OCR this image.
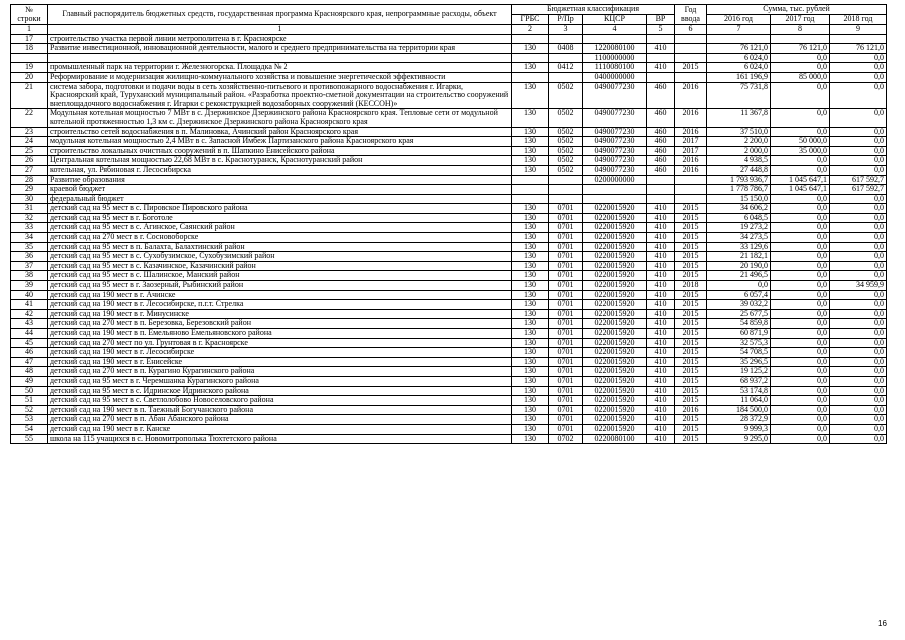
№ строки	Главный распорядитель бюджетных средств, государственная программа Красноярского края, непрограммные расходы, объект	Бюджетная классификация				Год ввода	Сумма, тыс. рублей		
		ГРБС	Р/Пр	КЦСР	ВР		2016 год	2017 год	2018 год
1	1	2	3	4	5	6	7	8	9
17	строительство участка первой линии метрополитена в г. Красноярске								
18	Развитие инвестиционной, инновационной деятельности, малого и среднего предпринимательства на территории края	130	0408	1220080100	410		76 121,0	76 121,0	76 121,0
				1100000000			6 024,0	0,0	0,0
19	промышленный парк на территории г. Железногорска. Площадка № 2	130	0412	1110080100	410	2015	6 024,0	0,0	0,0
20	Реформирование и модернизация жилищно-коммунального хозяйства и повышение энергетической эффективности			0400000000			161 196,9	85 000,0	0,0
21	система забора, подготовки и подачи воды в сеть хозяйственно-питьевого и противопожарного водоснабжения г. Игарки, Красноярский край, Туруханский муниципальный район. «Разработка проектно-сметной документации на строительство сооружений внеплощадочного водоснабжения г. Игарки с реконструкцией водозаборных сооружений (КЕССОН)»	130	0502	0490077230	460	2016	75 731,8	0,0	0,0
22	Модульная котельная мощностью 7 МВт в с. Дзержинское Дзержинского района Красноярского края. Тепловые сети от модульной котельной протяженностью 1,3 км с. Дзержинское Дзержинского района Красноярского края	130	0502	0490077230	460	2016	11 367,8	0,0	0,0
23	строительство сетей водоснабжения в п. Малиновка, Ачинский район Красноярского края	130	0502	0490077230	460	2016	37 510,0	0,0	0,0
24	модульная котельная мощностью 2,4 МВт в с. Запасной Имбеж Партизанского района Красноярского края	130	0502	0490077230	460	2017	2 200,0	50 000,0	0,0
25	строительство локальных очистных сооружений в п. Шапкино Енисейского района	130	0502	0490077230	460	2017	2 000,0	35 000,0	0,0
26	Центральная котельная мощностью 22,68 МВт в с. Краснотуранск, Краснотуранский район	130	0502	0490077230	460	2016	4 938,5	0,0	0,0
27	котельная, ул. Рябиновая г. Лесосибирска	130	0502	0490077230	460	2016	27 448,8	0,0	0,0
28	Развитие образования			0200000000			1 793 936,7	1 045 647,1	617 592,7
29	краевой бюджет						1 778 786,7	1 045 647,1	617 592,7
30	федеральный бюджет						15 150,0	0,0	0,0
31	детский сад на 95 мест в с. Пировское Пировского района	130	0701	0220015920	410	2015	34 606,2	0,0	0,0
32	детский сад на 95 мест в г. Боготоле	130	0701	0220015920	410	2015	6 048,5	0,0	0,0
33	детский сад на 95 мест в с. Агинское, Саянский район	130	0701	0220015920	410	2015	19 273,2	0,0	0,0
34	детский сад на 270 мест в г. Сосновоборске	130	0701	0220015920	410	2015	34 273,5	0,0	0,0
35	детский сад на 95 мест в п. Балахта, Балахтинский район	130	0701	0220015920	410	2015	33 129,6	0,0	0,0
36	детский сад на 95 мест в с. Сухобузимское, Сухобузимский район	130	0701	0220015920	410	2015	21 182,1	0,0	0,0
37	детский сад на 95 мест в с. Казачинское, Казачинский район	130	0701	0220015920	410	2015	20 190,0	0,0	0,0
38	детский сад на 95 мест в с. Шалинское, Манский район	130	0701	0220015920	410	2015	21 496,5	0,0	0,0
39	детский сад на 95 мест в г. Заозерный, Рыбинский район	130	0701	0220015920	410	2018	0,0	0,0	34 959,9
40	детский сад на 190 мест в г. Ачинске	130	0701	0220015920	410	2015	6 057,4	0,0	0,0
41	детский сад на 190 мест в г. Лесосибирске, п.г.т. Стрелка	130	0701	0220015920	410	2015	39 032,2	0,0	0,0
42	детский сад на 190 мест в г. Минусинске	130	0701	0220015920	410	2015	25 677,5	0,0	0,0
43	детский сад на 270 мест в п. Березовка, Березовский район	130	0701	0220015920	410	2015	54 859,8	0,0	0,0
44	детский сад на 190 мест в п. Емельяново Емельяновского района	130	0701	0220015920	410	2015	60 871,9	0,0	0,0
45	детский сад на 270 мест по ул. Грунтовая в г. Красноярске	130	0701	0220015920	410	2015	32 575,3	0,0	0,0
46	детский сад на 190 мест в г. Лесосибирске	130	0701	0220015920	410	2015	54 708,5	0,0	0,0
47	детский сад на 190 мест в г. Енисейске	130	0701	0220015920	410	2015	35 296,5	0,0	0,0
48	детский сад на 270 мест в п. Курагино Курагинского района	130	0701	0220015920	410	2015	19 125,2	0,0	0,0
49	детский сад на 95 мест в г. Черемшанка Курагинского района	130	0701	0220015920	410	2015	68 937,2	0,0	0,0
50	детский сад на 95 мест в с. Идринское Идринского района	130	0701	0220015920	410	2015	53 174,8	0,0	0,0
51	детский сад на 95 мест в с. Светлолобово Новоселовского района	130	0701	0220015920	410	2015	11 064,0	0,0	0,0
52	детский сад на 190 мест в п. Таежный Богучанского района	130	0701	0220015920	410	2016	184 500,0	0,0	0,0
53	детский сад на 270 мест в п. Абан Абанского района	130	0701	0220015920	410	2015	28 372,9	0,0	0,0
54	детский сад на 190 мест в г. Канске	130	0701	0220015920	410	2015	9 999,3	0,0	0,0
55	школа на 115 учащихся в с. Новомитрополька Тюхтетского района	130	0702	0220080100	410	2015	9 295,0	0,0	0,0
16
